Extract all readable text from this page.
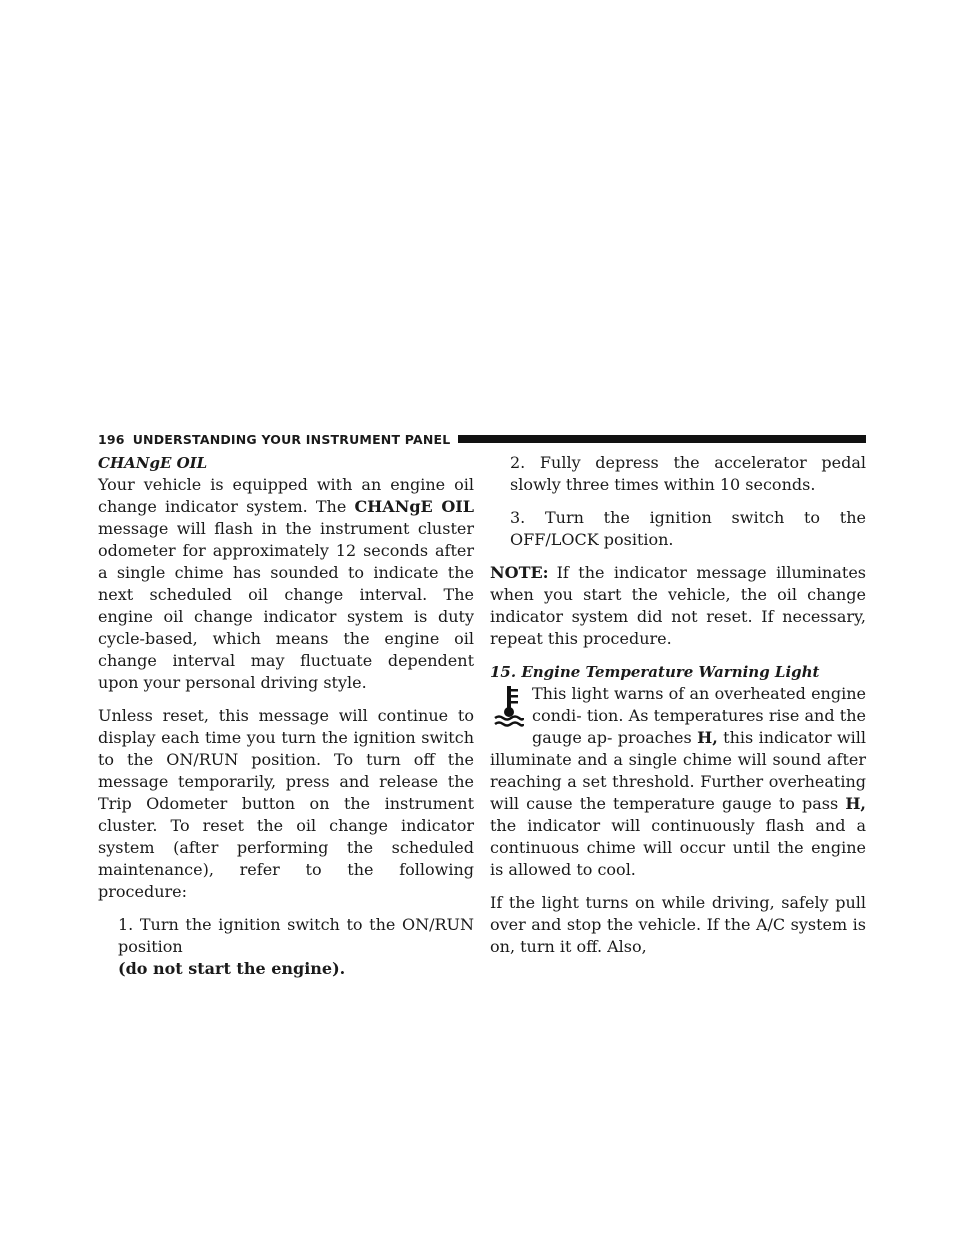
196 UNDERSTANDING YOUR INSTRUMENT PANEL
CHANgE OIL

Your vehicle is equipped with an engine oil change indicator system. The CHANgE OIL message will flash in the instrument cluster odometer for approximately 12 seconds after a single chime has sounded to indicate the next scheduled oil change interval. The engine oil change indicator system is duty cycle-based, which means the engine oil change interval may fluctuate dependent upon your personal driving style.

Unless reset, this message will continue to display each time you turn the ignition switch to the ON/RUN position. To turn off the message temporarily, press and release the Trip Odometer button on the instrument cluster. To reset the oil change indicator system (after performing the scheduled maintenance), refer to the following procedure:

1. Turn the ignition switch to the ON/RUN position
(do not start the engine).
2. Fully depress the accelerator pedal slowly three times within 10 seconds.
3. Turn the ignition switch to the OFF/LOCK position.

NOTE: If the indicator message illuminates when you start the vehicle, the oil change indicator system did not reset. If necessary, repeat this procedure.

15. Engine Temperature Warning Light

This light warns of an overheated engine condi- tion. As temperatures rise and the gauge ap- proaches H, this indicator will illuminate and a single chime will sound after reaching a set threshold. Further overheating will cause the temperature gauge to pass H, the indicator will continuously flash and a continuous chime will occur until the engine is allowed to cool.

If the light turns on while driving, safely pull over and stop the vehicle. If the A/C system is on, turn it off. Also,
